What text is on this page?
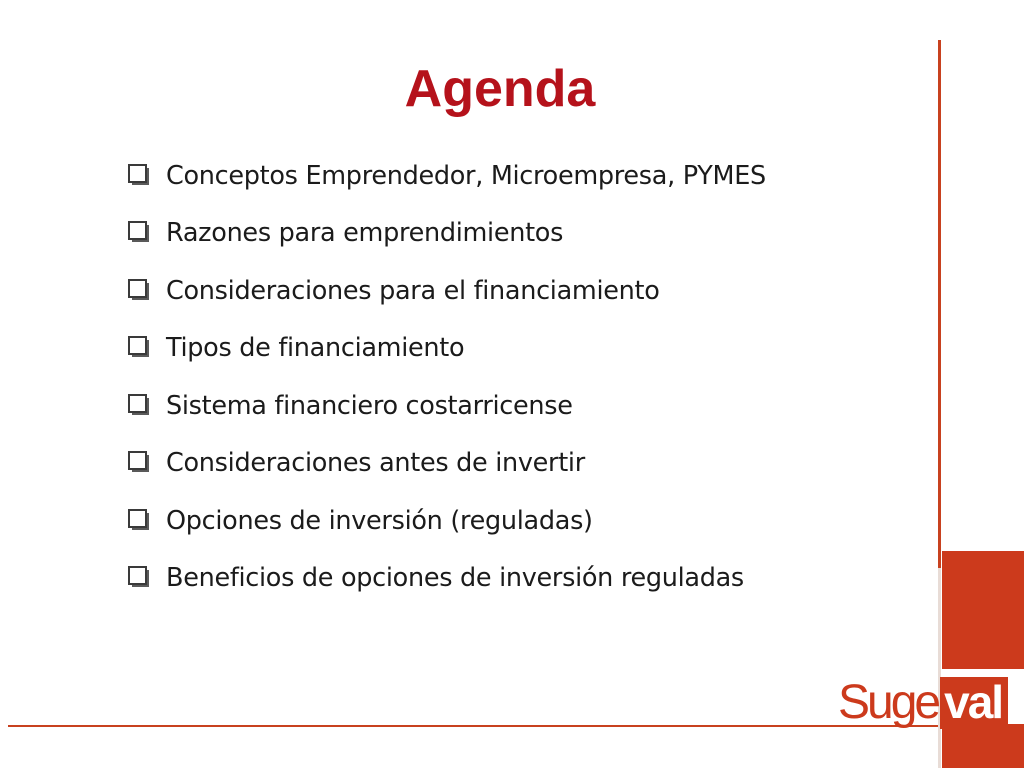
Agenda
Conceptos Emprendedor, Microempresa, PYMES
Razones para emprendimientos
Consideraciones para el financiamiento
Tipos de financiamiento
Sistema financiero costarricense
Consideraciones antes de invertir
Opciones de inversión (reguladas)
Beneficios de opciones de inversión reguladas
Suge val
